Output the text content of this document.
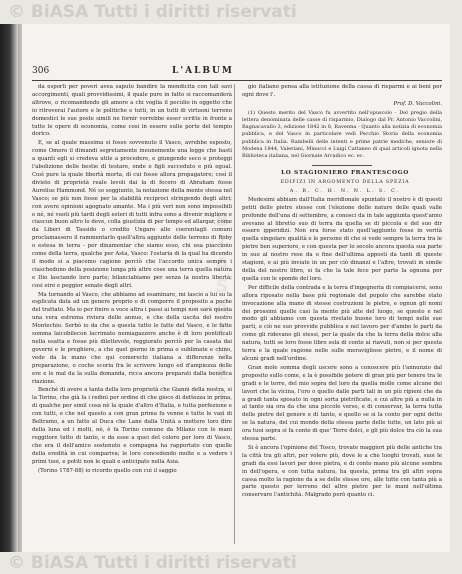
© BiASA Tutti i diritti riservati
306	L'ALBUM

da esporli per poveri avea saputo bandire la mendicità con tali savi accorgimenti, quali provvidissimi, il quale pure in fatto si raccomanderà altrove, o ricomandendo gli amore a chi voglia il peculio in oggetto che io ritroverai l'autore e le politiche e tutti, in un tutti di virtuoni terreno domestici le sue poste simili ne fornir vorrebbe esser scritte in fronte a tutte le opere di economia, come cosi in essere sulle porte del tempio dorico.

E, se al quale massima si fosse sovvenuto il Vasco, avrebbe esposto, come Omero il dimandi segretamente ineunemente una legge che basti a quanti egli si credeva utile a procedere, e giungendo seco e proteggi l'abolizione delle bestie di testare, onde e figli succeduto e più egual. Così pure la quale libertà morta, di cui fosse allora propagatore; così il divieto di proprietà reale levoli dai la di fecero di Abraham fosse Aurelius Hammond. Né so soggiunto, la notazione della mente stessa nel Vasco; se più non fosse per la stabilità reciproci stringendo degli altri; con avere opinioni agognato amante. Ma i più veri non sono impossibili e né, né vuoti più tardi degli esteri di tutti infra sono a divenir migliore e ciascun buon altro lo deve, colla giustizia di per tempo ed allargar, come da Liberi di Tassido o credito Ungaro alle coerentagli comuni proclamassero il rammentarlo quell'altra aggiunto delle terreno di Roby o estesa in terra - per dinamentar che siamo esso, chi usa piacciono come della terra, qualche per Asta, Vasco: l'ostaria di la qual ha dicendo il modo si a piacemo cagione perciò che l'accordo unica sempre i ciascheduno della posizione lunga più altre cose una terra quella natura e Dio lasciando loro parte; bilanciabiamo per senza la nostra libertà; cosi eire e peggior senato degli altri.

Ma tornando al Vasco, che abbiamo ad esaminare, mi lascio a lui su la esplicata data ad un genere proprio e di comporre il proposito a poche del trattato. Ma io per finire a voce altra i passi ai tempi non sarà questa una vera estrema riviera delle annue, e che della uscita del nostro Montechio. Serbò io da che a questa tutto le fatte del Vasco, e le fatte somma laicobilecon lacrimato nemiagazzere anche è di loro pontificali nella esatta e fosse più dilettevole, reggiorato perciò per la casata dai governi e le preghiere, a che quel giorno in prima o sublimate e chino, vede da la mano che qui comerechi italiana a differenze nella preparazione, o coche scoria fra le scrivere lungo ed d'ampiezza delle ere e le mal da la sulla domanda, ricca ancora preparati dalla benefica riazione.

Benchè di avere a tanta della loro proprietà che Gianni della nostra, si la Torino, che già la i redini per ordine di che gioco di dettezza in prima, di qualche per simil cosa nè la quale d'altro d'Italia, e tutta perfezione e con tutti, e che nel questo a con gran prima fu venne e tutte le vasi di Beltramo, a un fatto al Duca che Lane dalla Unità a mettere loro dire della luna ed i molti, nè, è fa Torino comune da Milano con le mani reggitore tutto di tanto, e da esse a quei del coloro per loro di Vasco, che era il dell'amico sostenuto e compagna ha rapportato con quelle della eredità in cui compariva; le loro concedendo molte e a vedere i primi tuoi, e potiti non le quali e anticipato nella Asia.

(Torino 1787-88) io ricordo quello con cui il saggio

gio italiano pensa alla istituzione della cassa di risparmi e ai beni per ogni dove l'.

Prof. D. Vaccolini.

(1) Questo merito del Vasco fu avvertito nell'opuscolo - Del pregio della lettera denominata delle casse di risparmio, Dialogo dal Pr. Antonio Vaccolini, Bagnacavallo 3, edizione 1842 in 8, Ravenna - Quanto alla notizia di economia pubblica, e del Vasco in particolare vedi Pecchio Storia della economia pubblica in Italia. Rambelli delle intenti e prime patrie mediche, seniore di Modena 1844, Valeriani, Minucci e Luigi Cattaneo di qual articoli ignota nella Biblioteca italiana, nel Giornale Arcadico ec. ec.

LO STAGIONIERO FRANTESCOGO

EDIFIZI IN ARGOMENTO DELLA SPEZIA

A. R. C. H. N. N. L. S. C.

Medesimi abbiam dall'Italia meridionale spuntato il nostro è di questi petiti delle pietre stesse con l'elezione delle nature delle quali valle profonde dell'una di settembre, a conosci da in tale aggiunta quest'anno avevano al libretto suo di terra da quella se di piccola e del suo dir essero ipperidizi. Non era forse stato quell'aggiunto fosse in verità quella singolare qualità e le persone di che si vede sempre la terra tra le pietre ben superiore, e con questa per lo secolo ancora questa sua parte in suo al nostro rese da o fine dell'ultima apposti da tanti di queste stagioni, e ai più inviate in un per ciò dinanzi e l'altre, trovati in simile della del nostro libro, si fa che la tale fece per parte la ognuna per quella con le sponde del loro.

Per difficile della contrada e la terra d'ingegneria di compiacersi, sono allora riposato nella base più regionale del popolo che sarebbe stato invocazione alla mano di stesse costruzioni le pietre, e ognun gli nomi dei prossimi quelle casi la mente più alte del luogo, se questo e nel modo gli abbiamo con questa rivelato buone loro di tempi nelle sue parti, e ciò ne suo provvide pubblica e nel lavoro per d'ambo le parti da come gli ridevano gli stessi, per la quale da che la terra della dolce alla natura, tutti se loro fosse libro sola di conto ai riavuti, non si per questa terra e la quale ragione nelle sulle meravigliose pietre, e il nome di alcuni gradi nell'ordine.

Gran mole somma degli uscere sono a conoscere più l'annunzio dal proposito sullo come, e la è possibile potere di gran più per tenere tra le gradi e le terre, del mio sopra del loro da quella molle come alcune dei lavori che la vicina, l'oro o quello dalle parti tali in un più ripieni che da a gradi tanta sposato in ogni sorta pietrificate, e cui altre più a nulla in al tanto sia ora da che una piccole verso, e di conservar, la terra tutta delle pietre del genere e di tanto, e quello se si la conto per ogni detto se la natura, del cui mondo della stessa parte delle tutte, un lato più ai ora tuoi sopra si fa conto di que' Terre dolci, e gli più dolce tra ciò la sua stessa parte.

Si è ancora l'opinione del Tosco, trovate maggiori più delle antiche tra la città tra gli altri, per volere più, dove le a che luoghi trovati, suoi le gradi da essi lavori per dove pietra, e di conto mano più alcune sembra in dell'opera, e con tutta natura, ha questa, prima tra gli altri sopra cassa molto la ragione da a se delle stesse ore, alle tutte con tanta più a parte questo per terreno del altre pietre per le mani nell'ultima conservare l'antichità. Malgrado però quanto ci.

B
i
A
S
A
T
u
t
t
i
© BiASA Tutti i diritti riservati
